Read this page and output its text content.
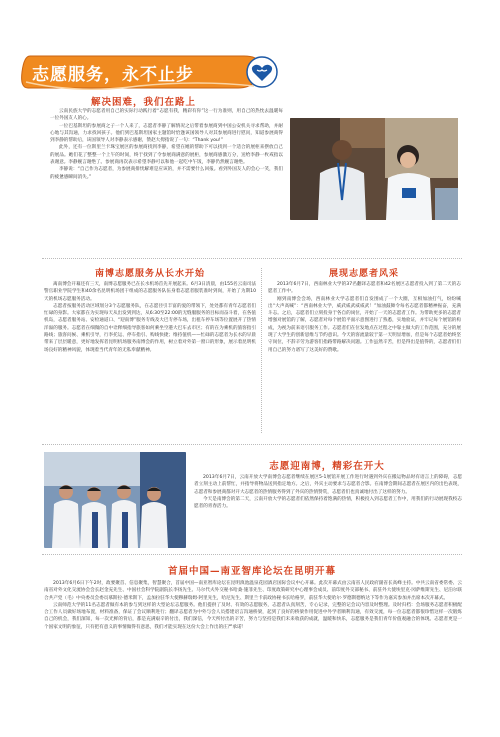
志愿服务，永不止步
解决困难，我们在路上

云南民族大学的志愿者用自己的实际行动践行着“志愿有我，精彩有你”这一行为准则，用自己的热忱去温暖每一位外国友人的心。

一位巴基斯坦的参展商之子一个人来了，志愿者李静了解情况之后带着参展商到中国公安机关寻求帮助，并耐心地与其沟通，力求找回孩子。他们到巴基斯坦国家主题馆时恰逢该国领导人对其参展商进行慰问，知道参展商得到李静的帮助后，该国领导人对李静表示感谢，赞赵大拇指说了一句：“Thank you!”

此外，还有一位斯里兰卡珠宝展区的参展商找到李静，希望在她的帮助下可以找到一个适合的展柜来摆放自己的展品。她们花了整整一个上午的时间，终于找到了令参展商满意的展柜，参展商感激万分，送给李静一枚戒指以表谢意。李静婉言谢绝了。参展商再次表示希望李静可以和他一起吃中午饭，李静仍然婉言谢绝。

李静说：“自己作为志愿者，为参展商排忧解难是应该的，并不需要什么回报。看到外国友人的会心一笑，我们的疲惫感瞬间消失。”

南博志愿服务从长水开始

离南博会开幕还有三天，南博志愿服务已在长水机场首先开展起来。6月3日清晨，由155名云南司法警官职业学院学生和40余名昆明机场团干组成的志愿服务队伍身着志愿者服装准时到岗，开始了为期10天的机场志愿服务活动。

志愿者按服务活动区域划分3个志愿服务队，在志愿径引丰富的爱的带领下，处处都有青年志愿者们忙碌的身影。大家都在为实现每天从出发到到达，从6:30至22:00的无缝服服务的目标而奋斗着，在各值机岛，志愿者服务站、安检通道口、“迎南博”服务专线及大巴专停车场，出租车停车场等位置展开了热情洋溢的服务。志愿者在细微的自中诠释细指导旅客如何乘坐空港大巴车去市区；有的在为乘机的旅客指引路线；旅客问候、乘机引导，行李托运、停车指引、购线快捷；维持值机——忙碌的志愿者为长水的早晨带来了层层暖意，更好地发挥者昆明机场服务南博会的作用，树立着对外第一窗口的形象，展示着昆明机场良好的精神风貌，体现着当代青年的无私奉献精神。

展现志愿者风采

2013年6月7日，西南林业大学的37名翻译志愿者和42名展区志愿者投入到了第二天的志愿者工作中。

刚到南博会会场，西南林业大学志愿者们自发围成了一个大圈，互相加油打气，纷纷喊出“大声高喊”：“西南林业大学，威武威武威威武！”加油鼓舞令每名志愿者都精神振奋，充满斗志。之后，志愿者们立刻投身于各自的岗位，开始了一天的志愿者工作。为带助更多的志愿者增强对展馆的了解，志愿者对每个展馆平面示意图进行了熟悉，实地验证，并牢记每个展馆的构成，为视为前来语引服务工作。志愿者们在位发地点在过程之中靠主做大的工作范围，充分的展现了大学生的创新思维与节约意识。今天的客流量较于第一天明显增加，但是每个志愿者始终坚守岗位，不辞辛劳为游客们指路带路解决问题。工作虽然辛苦，但是得出是值得的，志愿者们们用自己的努力谱写了这美好的赞歌。

志愿迎南博，精彩在开大

2013年6月7日，云南开放大学南博会志愿者继续在展区5-1展馆开展工作进行时遇到外宾在搬运物品时有语言上的障碍，志愿者立刻主动上前帮忙，并指导将物品送到指定地方。之后，外宾主动要求与志愿者合影。在南博会期间志愿者在展区内的出色表现，志愿者和参展商都对开大志愿者的热情服务得到了外宾的热情赞赏，志愿者们也真诚地付出了这样的努力。

今天是南博会的第二天，云南开放大学的志愿者们依然保持着饱满的热情，积极投入到志愿者工作中，用我们的行动展现我校志愿者的青春活力。

首届中国—南亚智库论坛在昆明开幕

2013年6月6日下午2时，政要聚首、信息聚集，智慧聚合，首届中国—南亚智库论坛在昆明滇池温泉花园酒店国际会议中心开幕。此次开幕式由云南省人民政府副省长高峰主持。中共云南省委常委、云南省对外文化交流协会会长赵金充先生、中国社会科学院副院长李扬先生、马尔代夫外交秘书哈桑·施菲先生、印度政策研究中心理事会成员、前印度外交部秘书、前驻外大使埃里克·冈萨维斯先生、尼泊尔联合共产党（毛）中央委员会委员慕斯拉·德米斯下，孟加拉驻华大使穆赫瑞姆·阿里先生，哈尼先生、斯里兰卡前政协秘书长哈格罗，前驻华大使哈尔·罗德斯德纳达下等作为嘉宾参加并出席本次开幕式。

云南师范大学的11名志愿者做有本的参与到这样的大型论坛志愿服务。他们提供了及时、有效的志愿服务，志愿者认真刻苦，专心记录，完整的记会议内容及时整理。及时归档：会场服务志愿者积极配合工作人员做好场地布置，材料准备，保证了会议顺利进行；翻译志愿者为中外与会人员搭建语言沟通桥梁，起到了良好的桥梁作用促进中外学者顺利沟通，有效交流，每一位志愿者都很珍惜这样一次锻炼自己的机会，我们深知，每一次光鲜的背后，都是充满艰辛的付出，我们深信，今天所付出的辛苦，努力与坚持是我们未来收获的成就，温暖和快乐，志愿服务是我们青年价值观融合的体现。志愿者更是一个国家文明的象征，只有把有意义的事情做得有意思，我们才能实现在这份大会上作出的庄严承诺！
